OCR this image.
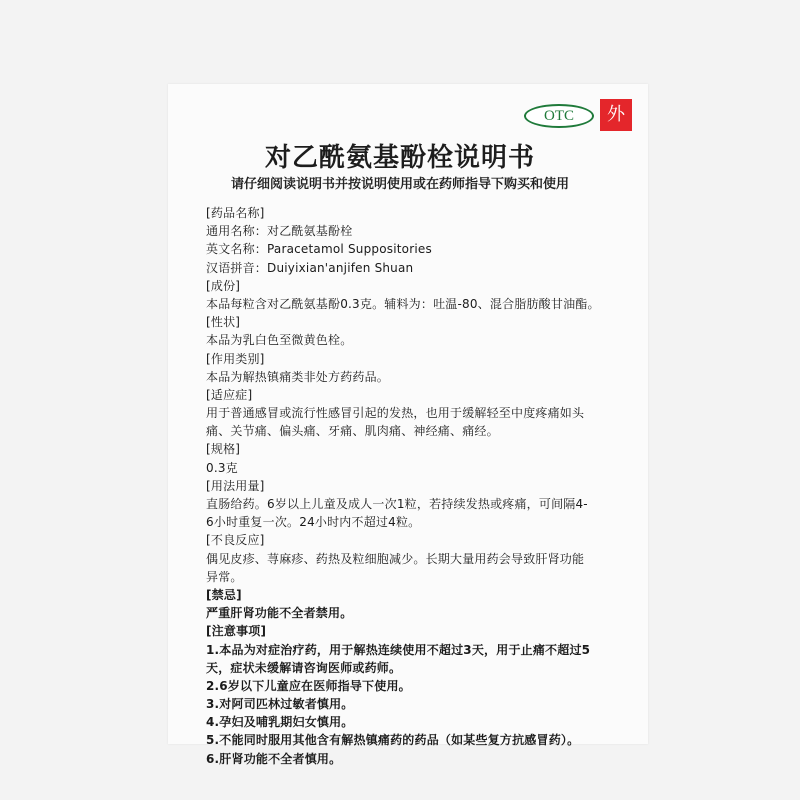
OTC	外
对乙酰氨基酚栓说明书
请仔细阅读说明书并按说明使用或在药师指导下购买和使用
[药品名称]
通用名称：对乙酰氨基酚栓
英文名称：Paracetamol Suppositories
汉语拼音：Duiyixian'anjifen Shuan
[成份]
本品每粒含对乙酰氨基酚0.3克。辅料为：吐温-80、混合脂肪酸甘油酯。
[性状]
本品为乳白色至微黄色栓。
[作用类别]
本品为解热镇痛类非处方药药品。
[适应症]
用于普通感冒或流行性感冒引起的发热，也用于缓解轻至中度疼痛如头
痛、关节痛、偏头痛、牙痛、肌肉痛、神经痛、痛经。
[规格]
0.3克
[用法用量]
直肠给药。6岁以上儿童及成人一次1粒，若持续发热或疼痛，可间隔4-
6小时重复一次。24小时内不超过4粒。
[不良反应]
偶见皮疹、荨麻疹、药热及粒细胞减少。长期大量用药会导致肝肾功能
异常。
[禁忌]
严重肝肾功能不全者禁用。
[注意事项]
1.本品为对症治疗药，用于解热连续使用不超过3天，用于止痛不超过5
天，症状未缓解请咨询医师或药师。
2.6岁以下儿童应在医师指导下使用。
3.对阿司匹林过敏者慎用。
4.孕妇及哺乳期妇女慎用。
5.不能同时服用其他含有解热镇痛药的药品（如某些复方抗感冒药）。
6.肝肾功能不全者慎用。
